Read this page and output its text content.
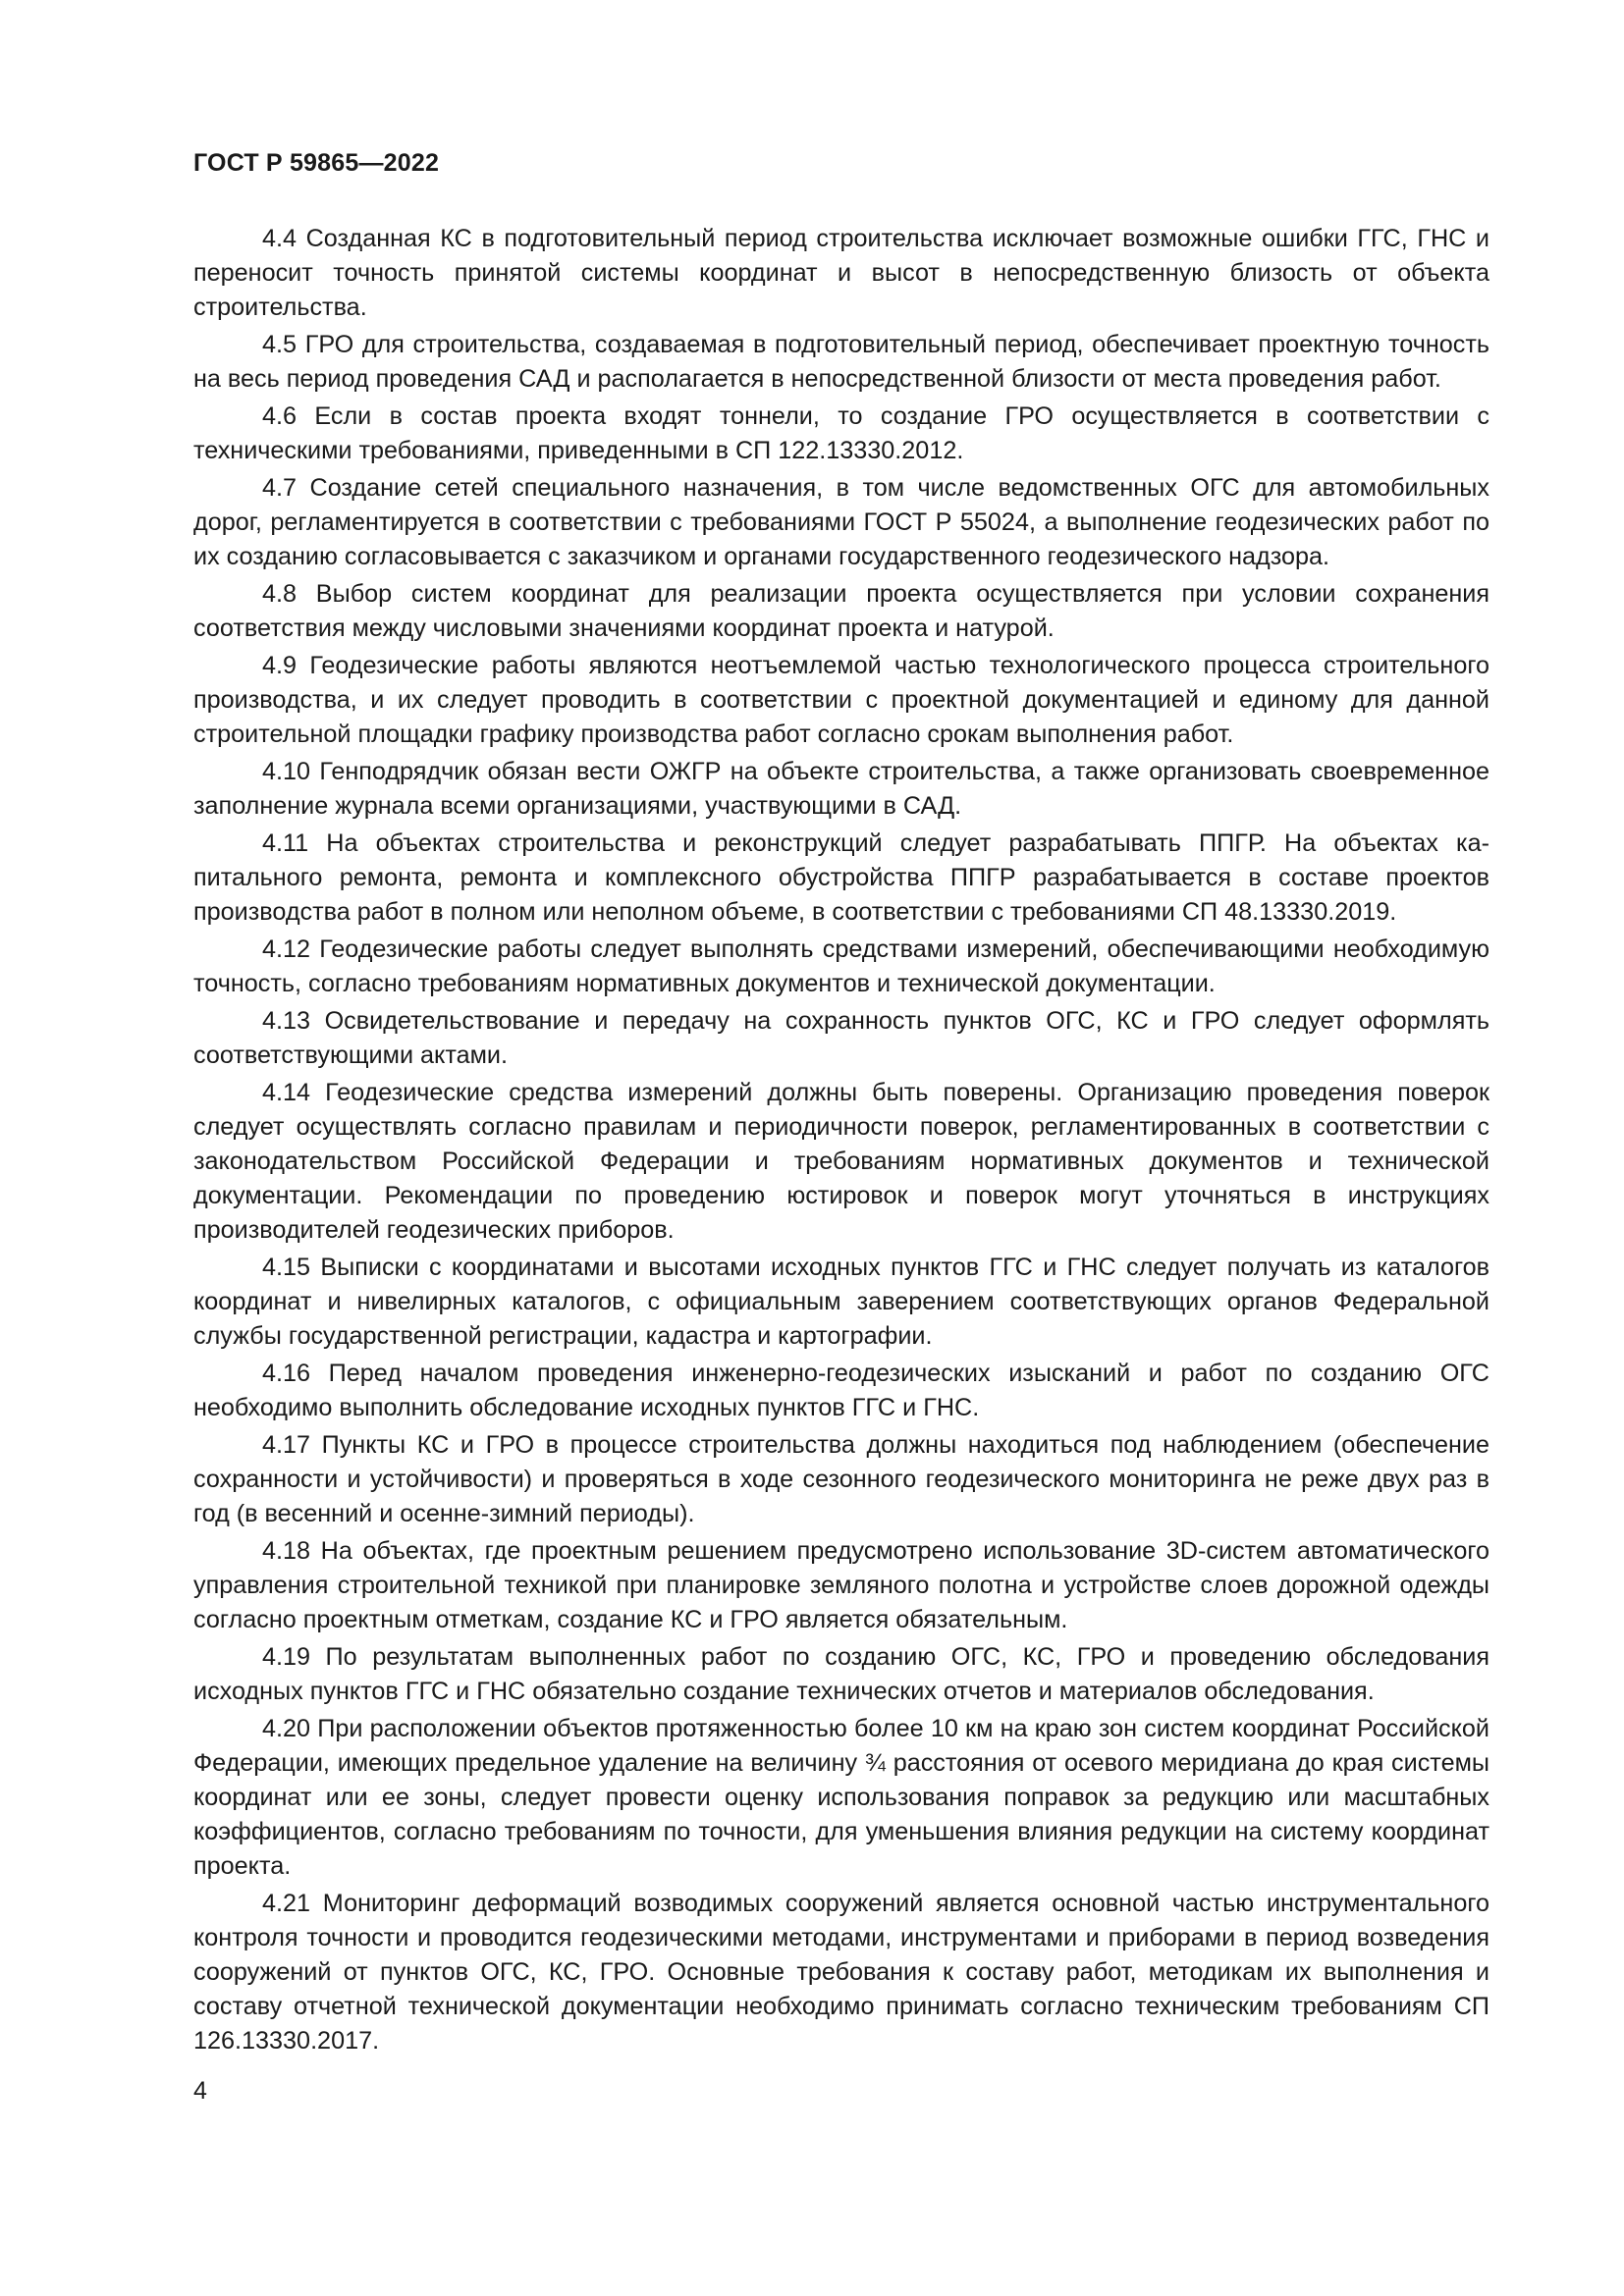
ГОСТ Р 59865—2022

4.4 Созданная КС в подготовительный период строительства исключает возможные ошибки ГГС, ГНС и переносит точность принятой системы координат и высот в непосредственную близость от объекта строительства.

4.5 ГРО для строительства, создаваемая в подготовительный период, обеспечивает проектную точность на весь период проведения САД и располагается в непосредственной близости от места проведения работ.

4.6 Если в состав проекта входят тоннели, то создание ГРО осуществляется в соответствии с техническими требованиями, приведенными в СП 122.13330.2012.

4.7 Создание сетей специального назначения, в том числе ведомственных ОГС для автомобильных дорог, регламентируется в соответствии с требованиями ГОСТ Р 55024, а выполнение геодезических работ по их созданию согласовывается с заказчиком и органами государственного геодезического надзора.

4.8 Выбор систем координат для реализации проекта осуществляется при условии сохранения соответствия между числовыми значениями координат проекта и натурой.

4.9 Геодезические работы являются неотъемлемой частью технологического процесса строительного производства, и их следует проводить в соответствии с проектной документацией и единому для данной строительной площадки графику производства работ согласно срокам выполнения работ.

4.10 Генподрядчик обязан вести ОЖГР на объекте строительства, а также организовать своевременное заполнение журнала всеми организациями, участвующими в САД.

4.11 На объектах строительства и реконструкций следует разрабатывать ППГР. На объектах капитального ремонта, ремонта и комплексного обустройства ППГР разрабатывается в составе проектов производства работ в полном или неполном объеме, в соответствии с требованиями СП 48.13330.2019.

4.12 Геодезические работы следует выполнять средствами измерений, обеспечивающими необходимую точность, согласно требованиям нормативных документов и технической документации.

4.13 Освидетельствование и передачу на сохранность пунктов ОГС, КС и ГРО следует оформлять соответствующими актами.

4.14 Геодезические средства измерений должны быть поверены. Организацию проведения поверок следует осуществлять согласно правилам и периодичности поверок, регламентированных в соответствии с законодательством Российской Федерации и требованиям нормативных документов и технической документации. Рекомендации по проведению юстировок и поверок могут уточняться в инструкциях производителей геодезических приборов.

4.15 Выписки с координатами и высотами исходных пунктов ГГС и ГНС следует получать из каталогов координат и нивелирных каталогов, с официальным заверением соответствующих органов Федеральной службы государственной регистрации, кадастра и картографии.

4.16 Перед началом проведения инженерно-геодезических изысканий и работ по созданию ОГС необходимо выполнить обследование исходных пунктов ГГС и ГНС.

4.17 Пункты КС и ГРО в процессе строительства должны находиться под наблюдением (обеспечение сохранности и устойчивости) и проверяться в ходе сезонного геодезического мониторинга не реже двух раз в год (в весенний и осенне-зимний периоды).

4.18 На объектах, где проектным решением предусмотрено использование 3D-систем автоматического управления строительной техникой при планировке земляного полотна и устройстве слоев дорожной одежды согласно проектным отметкам, создание КС и ГРО является обязательным.

4.19 По результатам выполненных работ по созданию ОГС, КС, ГРО и проведению обследования исходных пунктов ГГС и ГНС обязательно создание технических отчетов и материалов обследования.

4.20 При расположении объектов протяженностью более 10 км на краю зон систем координат Российской Федерации, имеющих предельное удаление на величину ¾ расстояния от осевого меридиана до края системы координат или ее зоны, следует провести оценку использования поправок за редукцию или масштабных коэффициентов, согласно требованиям по точности, для уменьшения влияния редукции на систему координат проекта.

4.21 Мониторинг деформаций возводимых сооружений является основной частью инструментального контроля точности и проводится геодезическими методами, инструментами и приборами в период возведения сооружений от пунктов ОГС, КС, ГРО. Основные требования к составу работ, методикам их выполнения и составу отчетной технической документации необходимо принимать согласно техническим требованиям СП 126.13330.2017.

4
